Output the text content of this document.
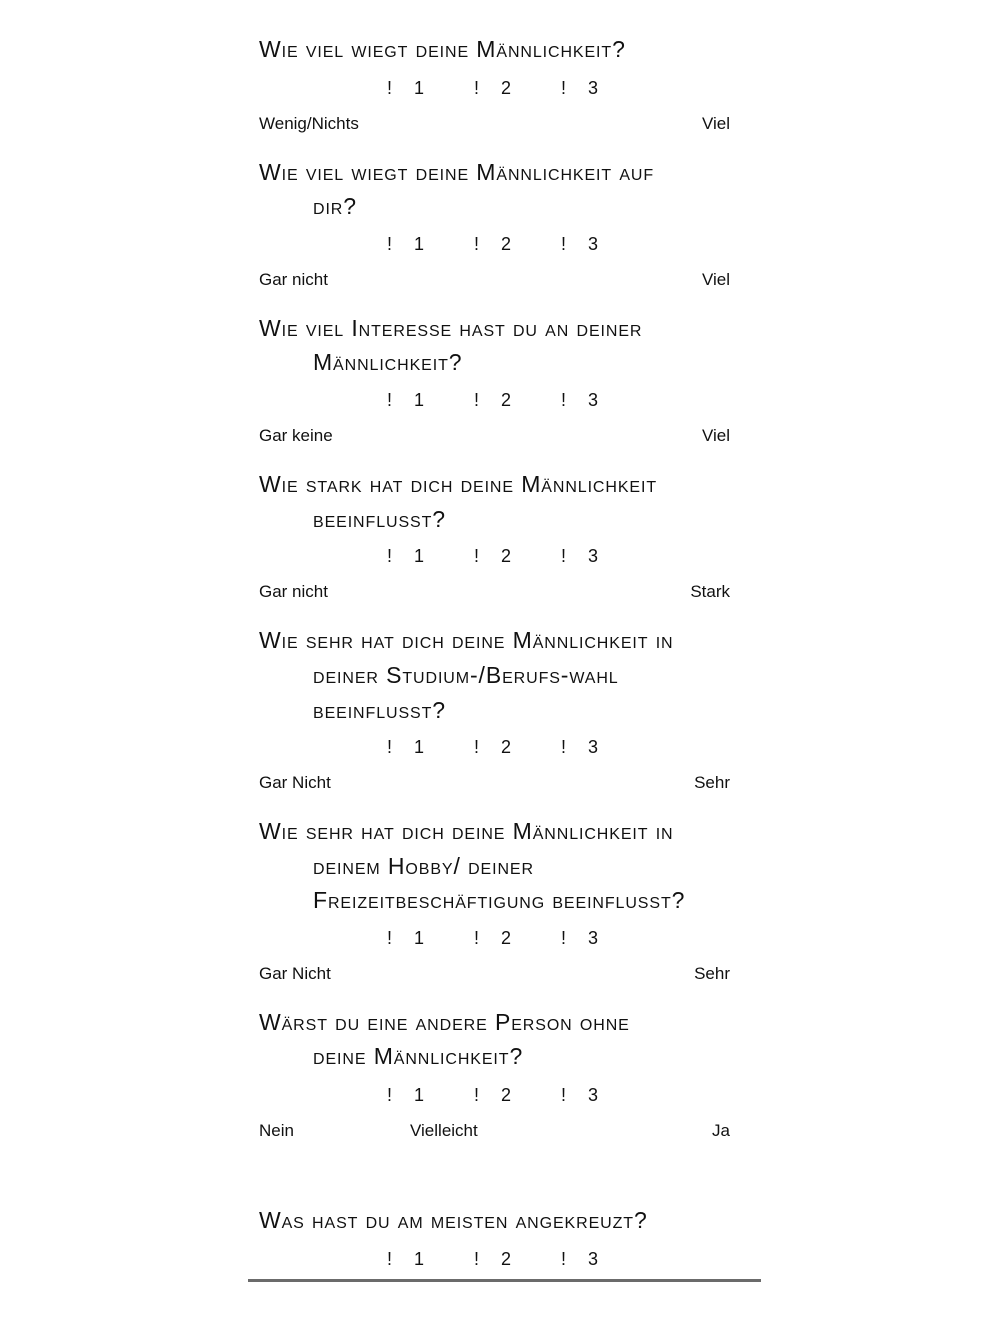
Wie viel wiegt deine Männlichkeit?
! 1	! 2	! 3
Wenig/Nichts	Viel
Wie viel wiegt deine Männlichkeit auf
dir?
! 1	! 2	! 3
Gar nicht	Viel
Wie viel Interesse hast du an deiner
Männlichkeit?
! 1	! 2	! 3
Gar keine	Viel
Wie stark hat dich deine Männlichkeit
beeinflusst?
! 1	! 2	! 3
Gar nicht	Stark
Wie sehr hat dich deine Männlichkeit in
deiner Studium-/Berufs-wahl
beeinflusst?
! 1	! 2	! 3
Gar Nicht	Sehr
Wie sehr hat dich deine Männlichkeit in
deinem Hobby/ deiner
Freizeitbeschäftigung beeinflusst?
! 1	! 2	! 3
Gar Nicht	Sehr
Wärst du eine andere Person ohne
deine Männlichkeit?
! 1	! 2	! 3
Nein	Vielleicht	Ja
Was hast du am meisten angekreuzt?
! 1	! 2	! 3
